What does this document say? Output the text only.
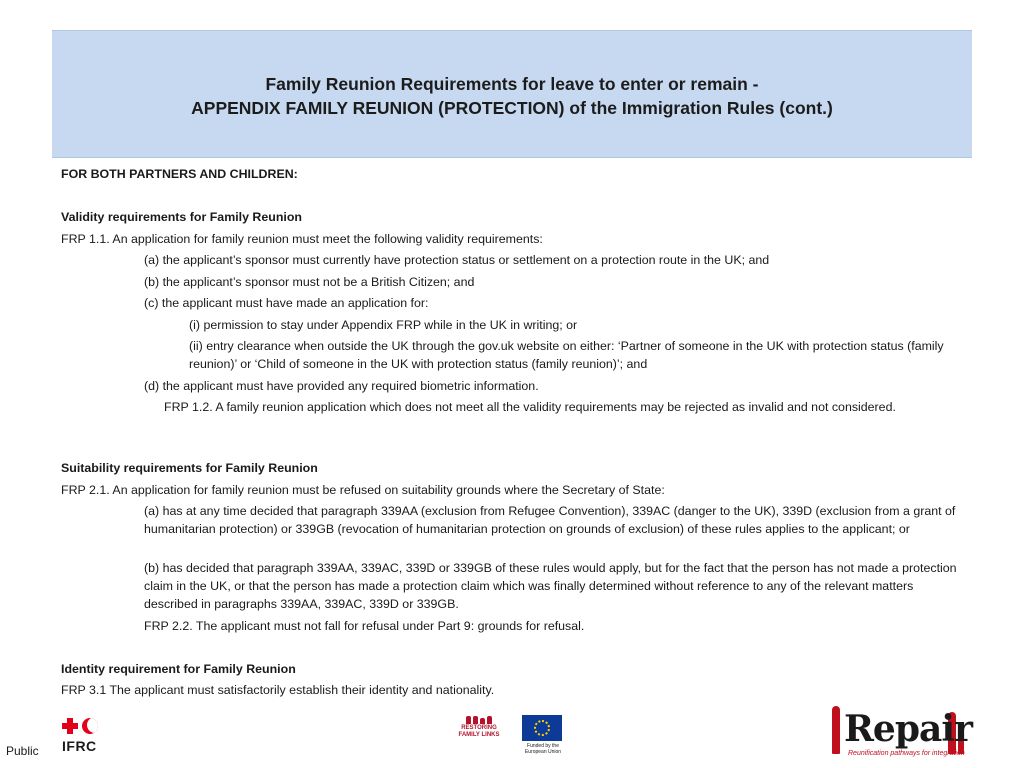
Family Reunion Requirements for leave to enter or remain -
APPENDIX FAMILY REUNION (PROTECTION) of the Immigration Rules (cont.)
FOR BOTH PARTNERS AND CHILDREN:
Validity requirements for Family Reunion
FRP 1.1. An application for family reunion must meet the following validity requirements:
(a) the applicant’s sponsor must currently have protection status or settlement on a protection route in the UK; and
(b) the applicant’s sponsor must not be a British Citizen; and
(c) the applicant must have made an application for:
(i) permission to stay under Appendix FRP while in the UK in writing; or
(ii) entry clearance when outside the UK through the gov.uk website on either: ‘Partner of someone in the UK with protection status (family reunion)’ or ‘Child of someone in the UK with protection status (family reunion)’; and
(d) the applicant must have provided any required biometric information.
FRP 1.2. A family reunion application which does not meet all the validity requirements may be rejected as invalid and not considered.
Suitability requirements for Family Reunion
FRP 2.1. An application for family reunion must be refused on suitability grounds where the Secretary of State:
(a) has at any time decided that paragraph 339AA (exclusion from Refugee Convention), 339AC (danger to the UK), 339D (exclusion from a grant of humanitarian protection) or 339GB (revocation of humanitarian protection on grounds of exclusion) of these rules applies to the applicant; or
(b) has decided that paragraph 339AA, 339AC, 339D or 339GB of these rules would apply, but for the fact that the person has not made a protection claim in the UK, or that the person has made a protection claim which was finally determined without reference to any of the relevant matters described in paragraphs 339AA, 339AC, 339D or 339GB.
FRP 2.2. The applicant must not fall for refusal under Part 9: grounds for refusal.
Identity requirement for Family Reunion
FRP 3.1 The applicant must satisfactorily establish their identity and nationality.
Public IFRC
RESTORING FAMILY LINKS
Funded by the European Union
Repair
Reunification pathways for integration
